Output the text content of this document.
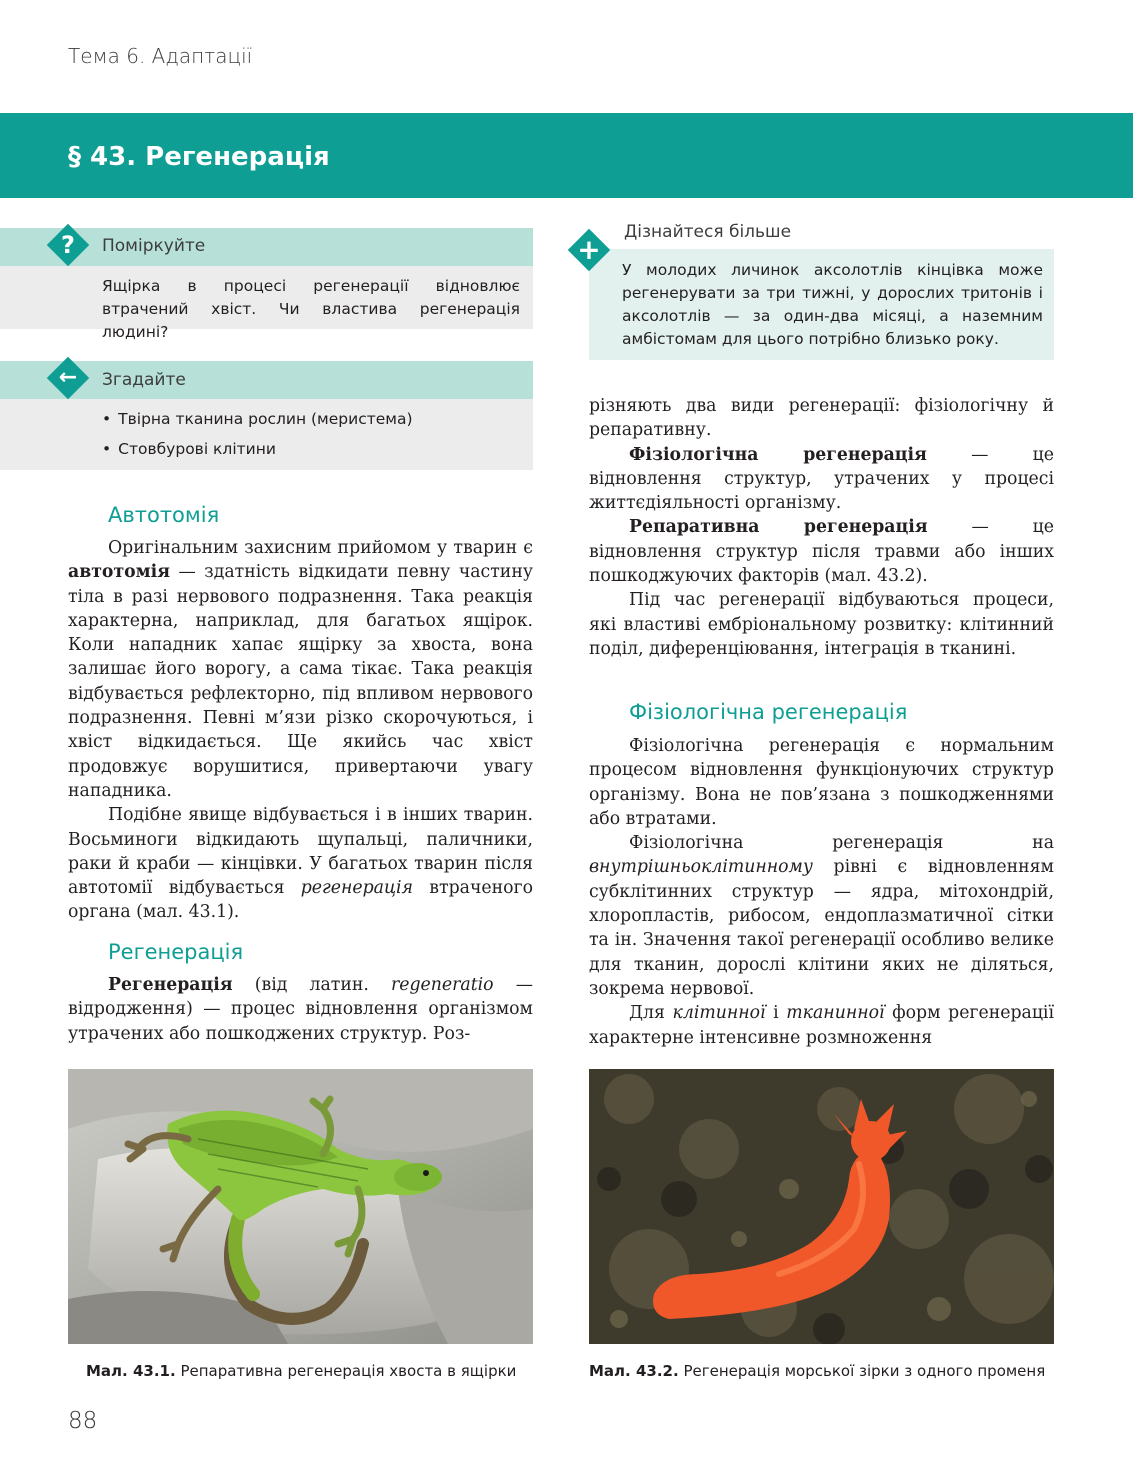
Тема 6. Адаптації
§ 43. Регенерація
?	Поміркуйте
Ящірка в процесі регенерації відновлює втрачений хвіст. Чи властива регенерація людині?
←	Згадайте
• Твірна тканина рослин (меристема)
• Стовбурові клітини
Дізнайтеся більше
+
У молодих личинок аксолотлів кінцівка може регенерувати за три тижні, у дорослих тритонів і аксолотлів — за один-два місяці, а наземним амбістомам для цього потрібно близько року.
Автотомія

Оригінальним захисним прийомом у тварин є автотомія — здатність відкидати певну частину тіла в разі нервового подразнення. Така реакція характерна, наприклад, для багатьох ящірок. Коли нападник хапає ящірку за хвоста, вона залишає його ворогу, а сама тікає. Така реакція відбувається рефлекторно, під впливом нервового подразнення. Певні м’язи різко скорочуються, і хвіст відкидається. Ще якийсь час хвіст продовжує ворушитися, привертаючи увагу нападника.

Подібне явище відбувається і в інших тварин. Восьминоги відкидають щупальці, паличники, раки й краби — кінцівки. У багатьох тварин після автотомії відбувається регенерація втраченого органа (мал. 43.1).

Регенерація

Регенерація (від латин. regeneratio — відродження) — процес відновлення організмом утрачених або пошкоджених структур. Роз-

різняють два види регенерації: фізіологічну й репаративну.

Фізіологічна регенерація — це відновлення структур, утрачених у процесі життєдіяльності організму.

Репаративна регенерація — це відновлення структур після травми або інших пошкоджуючих факторів (мал. 43.2).

Під час регенерації відбуваються процеси, які властиві ембріональному розвитку: клітинний поділ, диференціювання, інтеграція в тканині.

Фізіологічна регенерація

Фізіологічна регенерація є нормальним процесом відновлення функціонуючих структур організму. Вона не пов’язана з пошкодженнями або втратами.

Фізіологічна регенерація на внутрішньоклітинному рівні є відновленням субклітинних структур — ядра, мітохондрій, хлоропластів, рибосом, ендоплазматичної сітки та ін. Значення такої регенерації особливо велике для тканин, дорослі клітини яких не діляться, зокрема нервової.

Для клітинної і тканинної форм регенерації характерне інтенсивне розмноження

Мал. 43.1. Репаративна регенерація хвоста в ящірки	Мал. 43.2. Регенерація морської зірки з одного променя
88
